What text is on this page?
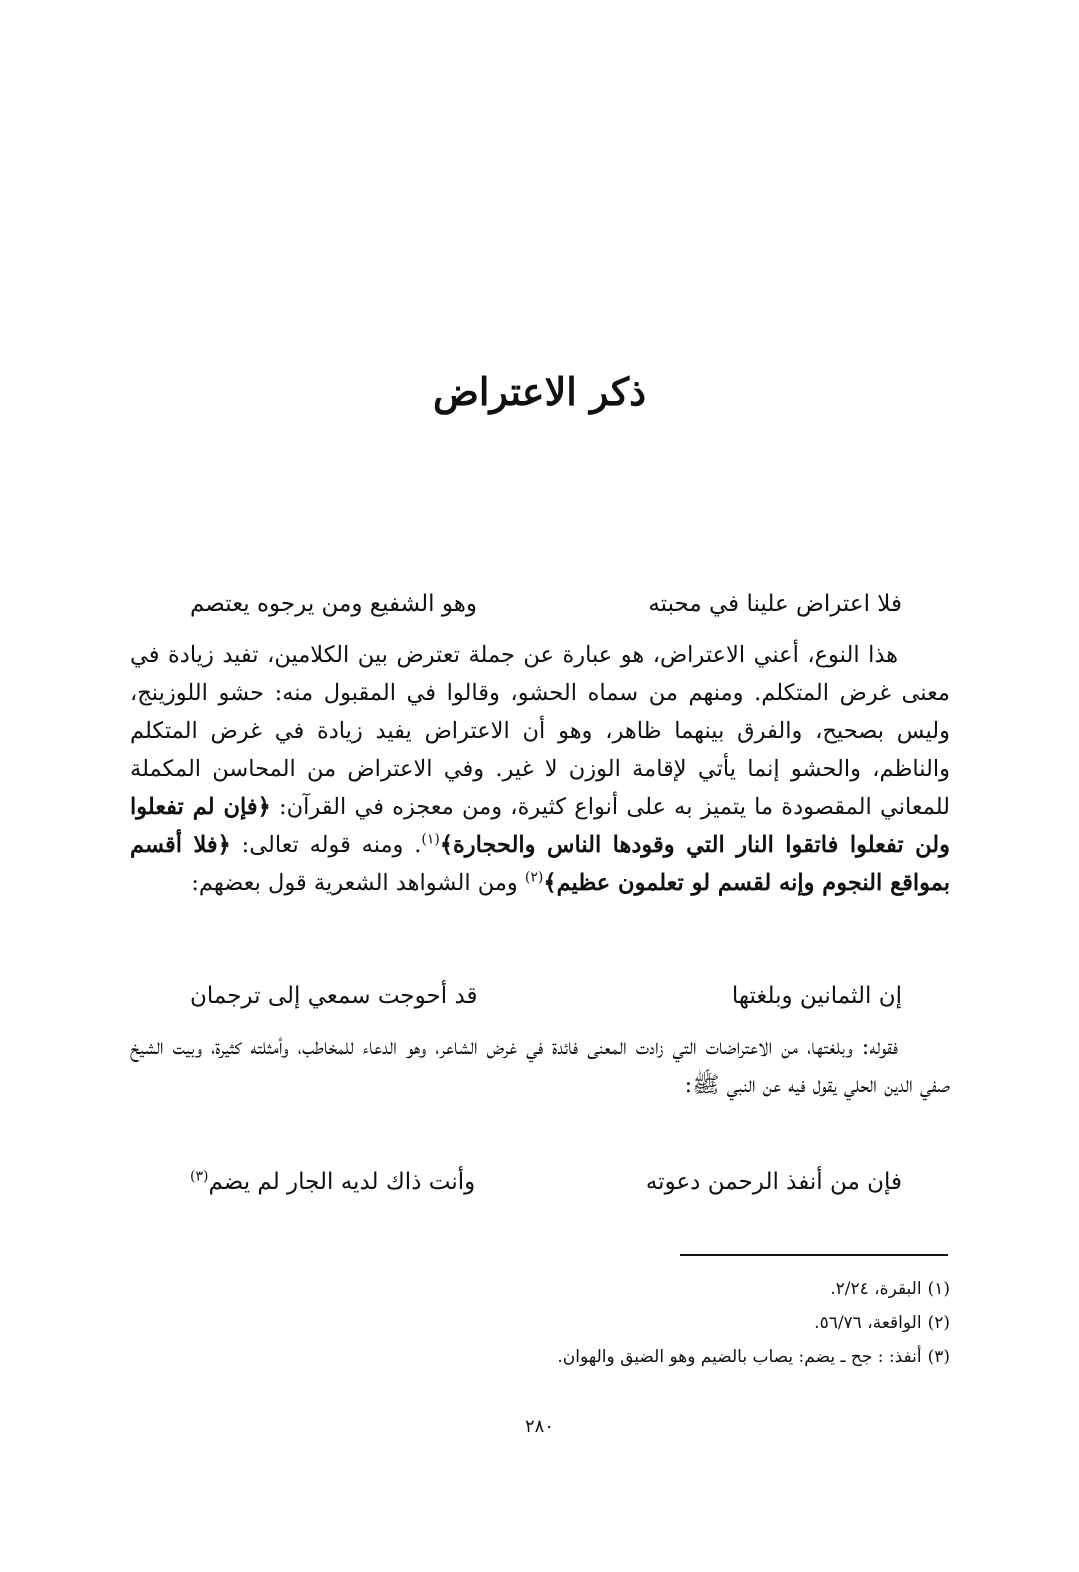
ذكر الاعتراض
فلا اعتراض علينا في محبته
وهو الشفيع ومن يرجوه يعتصم

هذا النوع، أعني الاعتراض، هو عبارة عن جملة تعترض بين الكلامين، تفيد زيادة في معنى غرض المتكلم. ومنهم من سماه الحشو، وقالوا في المقبول منه: حشو اللوزينج، وليس بصحيح، والفرق بينهما ظاهر، وهو أن الاعتراض يفيد زيادة في غرض المتكلم والناظم، والحشو إنما يأتي لإقامة الوزن لا غير. وفي الاعتراض من المحاسن المكملة للمعاني المقصودة ما يتميز به على أنواع كثيرة، ومن معجزه في القرآن: ﴿فإن لم تفعلوا ولن تفعلوا فاتقوا النار التي وقودها الناس والحجارة﴾$^{(١)}$. ومنه قوله تعالى: ﴿فلا أقسم بمواقع النجوم وإنه لقسم لو تعلمون عظيم﴾$^{(٢)}$ ومن الشواهد الشعرية قول بعضهم:

إن الثمانين وبلغتها
قد أحوجت سمعي إلى ترجمان

فقوله: وبلغتها، من الاعتراضات التي زادت المعنى فائدة في غرض الشاعر، وهو الدعاء للمخاطب، وأمثلته كثيرة، وبيت الشيخ صفي الدين الحلي يقول فيه عن النبي ﷺ:

فإن من أنفذ الرحمن دعوته
وأنت ذاك لديه الجار لم يضم$^{(٣)}$
(١)البقرة، ٢/٢٤.
(٢)الواقعة، ٥٦/٧٦.
(٣)أنفذ: : جح ـ يضم: يصاب بالضيم وهو الضيق والهوان.
٢٨٠
